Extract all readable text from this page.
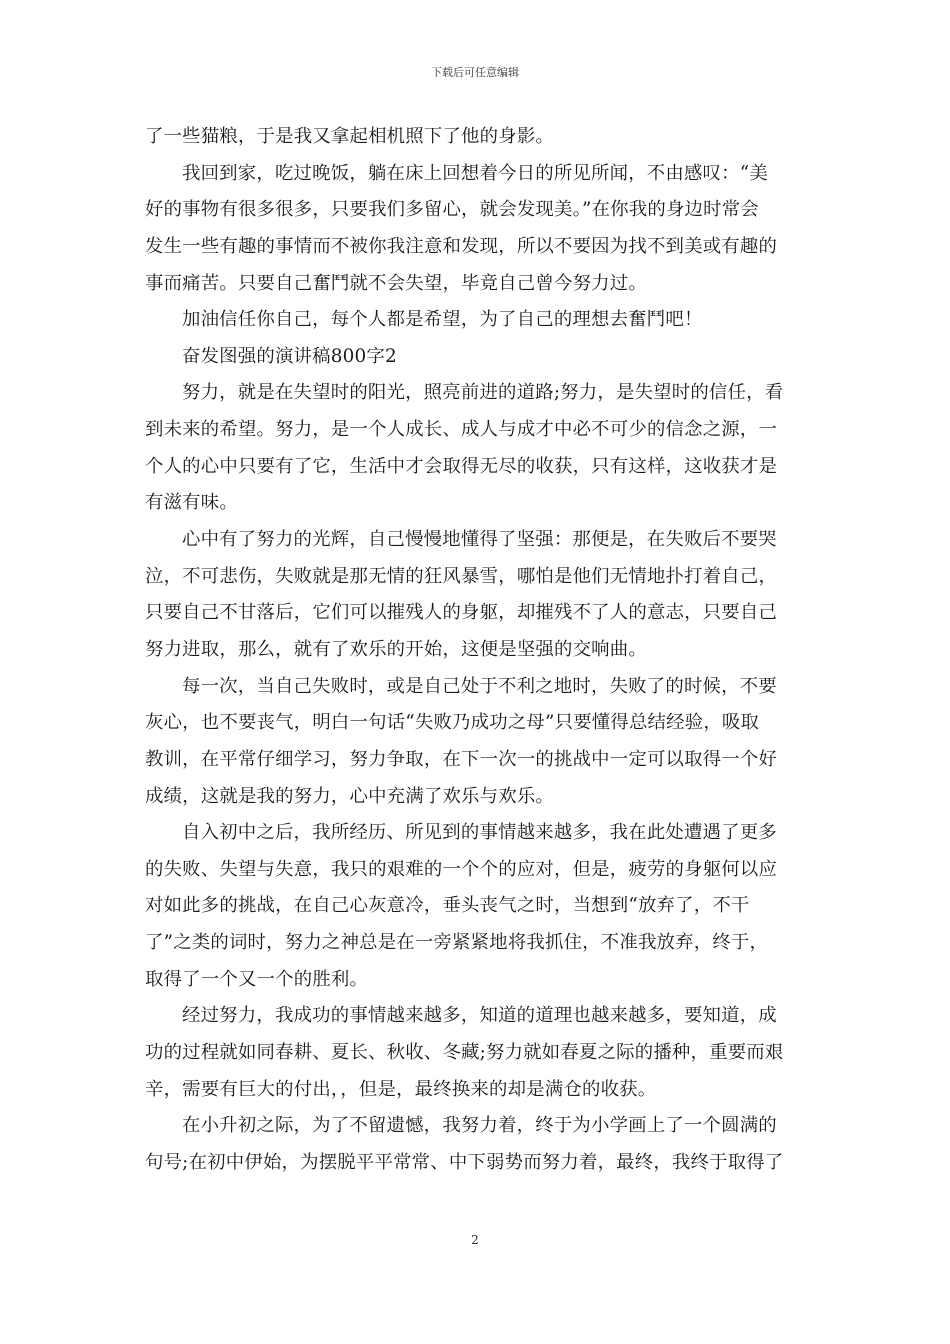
下载后可任意编辑

了一些猫粮，于是我又拿起相机照下了他的身影。

我回到家，吃过晚饭，躺在床上回想着今日的所见所闻，不由感叹：“美
好的事物有很多很多，只要我们多留心，就会发现美。”在你我的身边时常会
发生一些有趣的事情而不被你我注意和发现，所以不要因为找不到美或有趣的
事而痛苦。只要自己奮鬥就不会失望，毕竟自己曾今努力过。

加油信任你自己，每个人都是希望，为了自己的理想去奮鬥吧！

奋发图强的演讲稿800字2

努力，就是在失望时的阳光，照亮前进的道路;努力，是失望时的信任，看
到未来的希望。努力，是一个人成长、成人与成才中必不可少的信念之源，一
个人的心中只要有了它，生活中才会取得无尽的收获，只有这样，这收获才是
有滋有味。

心中有了努力的光辉，自己慢慢地懂得了坚强：那便是，在失败后不要哭
泣，不可悲伤，失败就是那无情的狂风暴雪，哪怕是他们无情地扑打着自己，
只要自己不甘落后，它们可以摧残人的身躯，却摧残不了人的意志，只要自己
努力进取，那么，就有了欢乐的开始，这便是坚强的交响曲。

每一次，当自己失败时，或是自己处于不利之地时，失败了的时候，不要
灰心，也不要丧气，明白一句话“失败乃成功之母”只要懂得总结经验，吸取
教训，在平常仔细学习，努力争取，在下一次一的挑战中一定可以取得一个好
成绩，这就是我的努力，心中充满了欢乐与欢乐。

自入初中之后，我所经历、所见到的事情越来越多，我在此处遭遇了更多
的失败、失望与失意，我只的艰难的一个个的应对，但是，疲劳的身躯何以应
对如此多的挑战，在自己心灰意冷，垂头丧气之时，当想到“放弃了，不干
了”之类的词时，努力之神总是在一旁紧紧地将我抓住，不准我放弃，终于，
取得了一个又一个的胜利。

经过努力，我成功的事情越来越多，知道的道理也越来越多，要知道，成
功的过程就如同春耕、夏长、秋收、冬藏;努力就如春夏之际的播种，重要而艰
辛，需要有巨大的付出，，但是，最终换来的却是满仓的收获。

在小升初之际，为了不留遗憾，我努力着，终于为小学画上了一个圆满的
句号;在初中伊始，为摆脱平平常常、中下弱势而努力着，最终，我终于取得了

2
